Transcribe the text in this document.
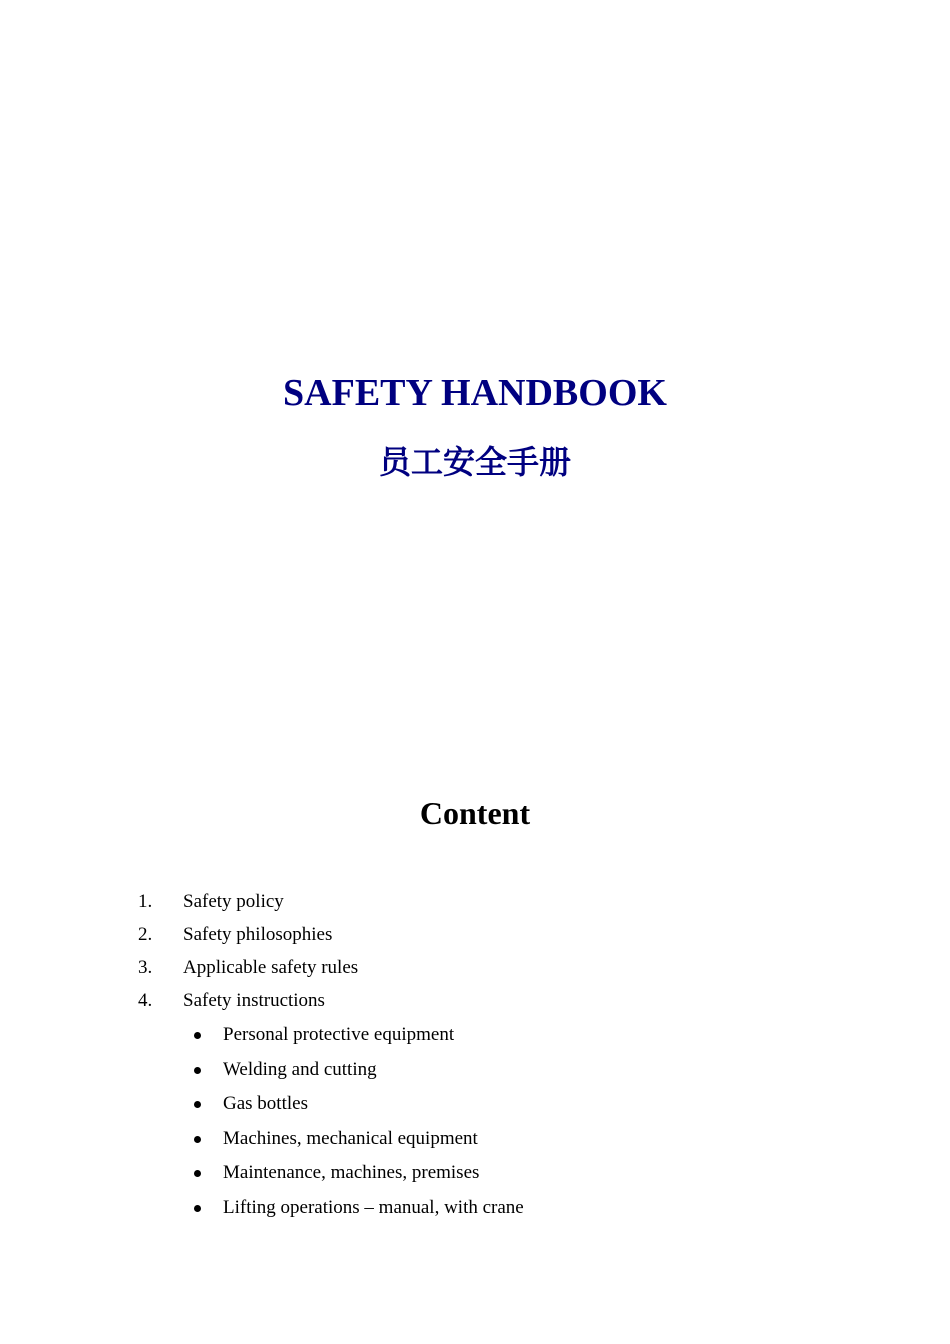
SAFETY HANDBOOK
员工安全手册
Content
1. Safety policy
2. Safety philosophies
3. Applicable safety rules
4. Safety instructions
Personal protective equipment
Welding and cutting
Gas bottles
Machines, mechanical equipment
Maintenance, machines, premises
Lifting operations – manual, with crane
